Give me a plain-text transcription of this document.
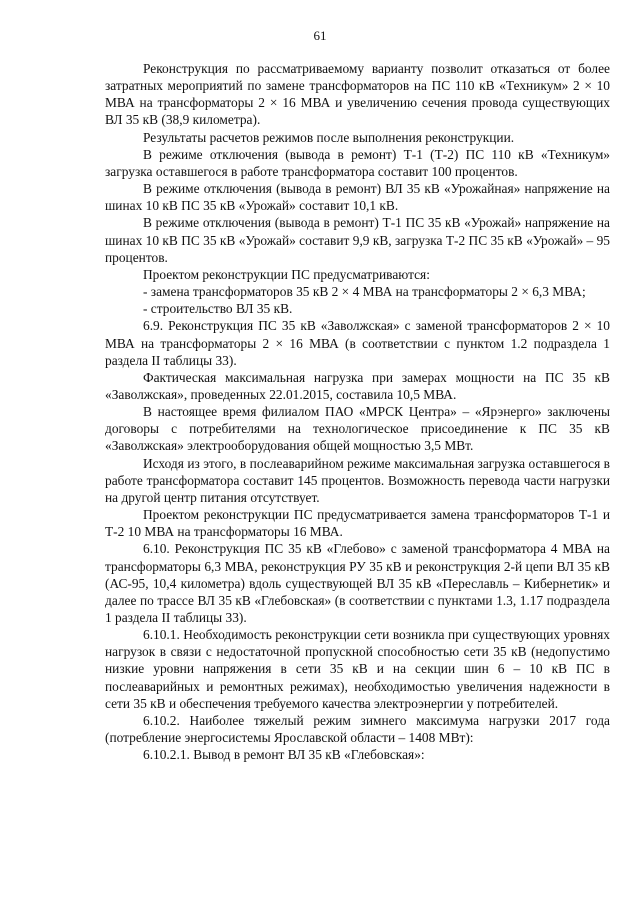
61

Реконструкция по рассматриваемому варианту позволит отказаться от более затратных мероприятий по замене трансформаторов на ПС 110 кВ «Техникум» 2 × 10 МВА на трансформаторы 2 × 16 МВА и увеличению сечения провода существующих ВЛ 35 кВ (38,9 километра).

Результаты расчетов режимов после выполнения реконструкции.

В режиме отключения (вывода в ремонт) Т-1 (Т-2) ПС 110 кВ «Техникум» загрузка оставшегося в работе трансформатора составит 100 процентов.

В режиме отключения (вывода в ремонт) ВЛ 35 кВ «Урожайная» напряжение на шинах 10 кВ ПС 35 кВ «Урожай» составит 10,1 кВ.

В режиме отключения (вывода в ремонт) Т-1 ПС 35 кВ «Урожай» напряжение на шинах 10 кВ ПС 35 кВ «Урожай» составит 9,9 кВ, загрузка Т-2 ПС 35 кВ «Урожай» – 95 процентов.

Проектом реконструкции ПС предусматриваются:

- замена трансформаторов 35 кВ 2 × 4 МВА на трансформаторы 2 × 6,3 МВА;

- строительство ВЛ 35 кВ.

6.9. Реконструкция ПС 35 кВ «Заволжская» с заменой трансформаторов 2 × 10 МВА на трансформаторы 2 × 16 МВА (в соответствии с пунктом 1.2 подраздела 1 раздела II таблицы 33).

Фактическая максимальная нагрузка при замерах мощности на ПС 35 кВ «Заволжская», проведенных 22.01.2015, составила 10,5 МВА.

В настоящее время филиалом ПАО «МРСК Центра» – «Ярэнерго» заключены договоры с потребителями на технологическое присоединение к ПС 35 кВ «Заволжская» электрооборудования общей мощностью 3,5 МВт.

Исходя из этого, в послеаварийном режиме максимальная загрузка оставшегося в работе трансформатора составит 145 процентов. Возможность перевода части нагрузки на другой центр питания отсутствует.

Проектом реконструкции ПС предусматривается замена трансформаторов Т-1 и Т-2 10 МВА на трансформаторы 16 МВА.

6.10. Реконструкция ПС 35 кВ «Глебово» с заменой трансформатора 4 МВА на трансформаторы 6,3 МВА, реконструкция РУ 35 кВ и реконструкция 2-й цепи ВЛ 35 кВ (АС-95, 10,4 километра) вдоль существующей ВЛ 35 кВ «Переславль – Кибернетик» и далее по трассе ВЛ 35 кВ «Глебовская» (в соответствии с пунктами 1.3, 1.17 подраздела 1 раздела II таблицы 33).

6.10.1. Необходимость реконструкции сети возникла при существующих уровнях нагрузок в связи с недостаточной пропускной способностью сети 35 кВ (недопустимо низкие уровни напряжения в сети 35 кВ и на секции шин 6 – 10 кВ ПС в послеаварийных и ремонтных режимах), необходимостью увеличения надежности в сети 35 кВ и обеспечения требуемого качества электроэнергии у потребителей.

6.10.2. Наиболее тяжелый режим зимнего максимума нагрузки 2017 года (потребление энергосистемы Ярославской области – 1408 МВт):

6.10.2.1. Вывод в ремонт ВЛ 35 кВ «Глебовская»:
